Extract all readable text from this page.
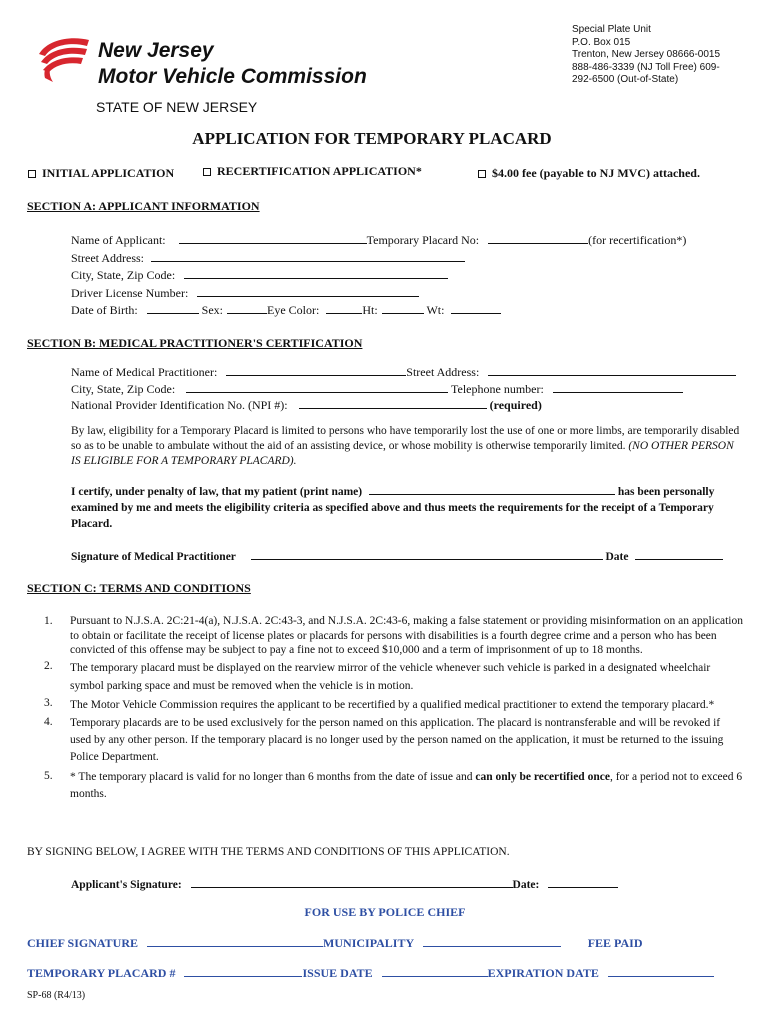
New Jersey
Motor Vehicle Commission
Special Plate Unit
P.O. Box 015
Trenton, New Jersey 08666-0015
888-486-3339 (NJ Toll Free) 609-
292-6500 (Out-of-State)
STATE OF NEW JERSEY
APPLICATION FOR TEMPORARY PLACARD
INITIAL APPLICATION	RECERTIFICATION APPLICATION*	$4.00 fee (payable to NJ MVC) attached.
SECTION A: APPLICANT INFORMATION
Name of Applicant:	Temporary Placard No:	(for recertification*)
Street Address:
City, State, Zip Code:
Driver License Number:
Date of Birth:	Sex:	Eye Color:	Ht:	Wt:
SECTION B: MEDICAL PRACTITIONER'S CERTIFICATION
Name of Medical Practitioner:	Street Address:
City, State, Zip Code:	Telephone number:
National Provider Identification No. (NPI #):	(required)
By law, eligibility for a Temporary Placard is limited to persons who have temporarily lost the use of one or more limbs, are temporarily disabled so as to be unable to ambulate without the aid of an assisting device, or whose mobility is otherwise temporarily limited. (NO OTHER PERSON IS ELIGIBLE FOR A TEMPORARY PLACARD).
I certify, under penalty of law, that my patient (print name)	has been personally examined by me and meets the eligibility criteria as specified above and thus meets the requirements for the receipt of a Temporary Placard.
Signature of Medical Practitioner	Date
SECTION C: TERMS AND CONDITIONS
1.	Pursuant to N.J.S.A. 2C:21-4(a), N.J.S.A. 2C:43-3, and N.J.S.A. 2C:43-6, making a false statement or providing misinformation on an application to obtain or facilitate the receipt of license plates or placards for persons with disabilities is a fourth degree crime and a person who has been convicted of this offense may be subject to pay a fine not to exceed $10,000 and a term of imprisonment of up to 18 months.
2.	The temporary placard must be displayed on the rearview mirror of the vehicle whenever such vehicle is parked in a designated wheelchair symbol parking space and must be removed when the vehicle is in motion.
3.	The Motor Vehicle Commission requires the applicant to be recertified by a qualified medical practitioner to extend the temporary placard.*
4.	Temporary placards are to be used exclusively for the person named on this application. The placard is nontransferable and will be revoked if used by any other person. If the temporary placard is no longer used by the person named on the application, it must be returned to the issuing Police Department.
5.	* The temporary placard is valid for no longer than 6 months from the date of issue and can only be recertified once, for a period not to exceed 6 months.
BY SIGNING BELOW, I AGREE WITH THE TERMS AND CONDITIONS OF THIS APPLICATION.
Applicant's Signature:	Date:
FOR USE BY POLICE CHIEF
CHIEF SIGNATURE	MUNICIPALITY	FEE PAID
TEMPORARY PLACARD #	ISSUE DATE	EXPIRATION DATE
SP-68 (R4/13)
